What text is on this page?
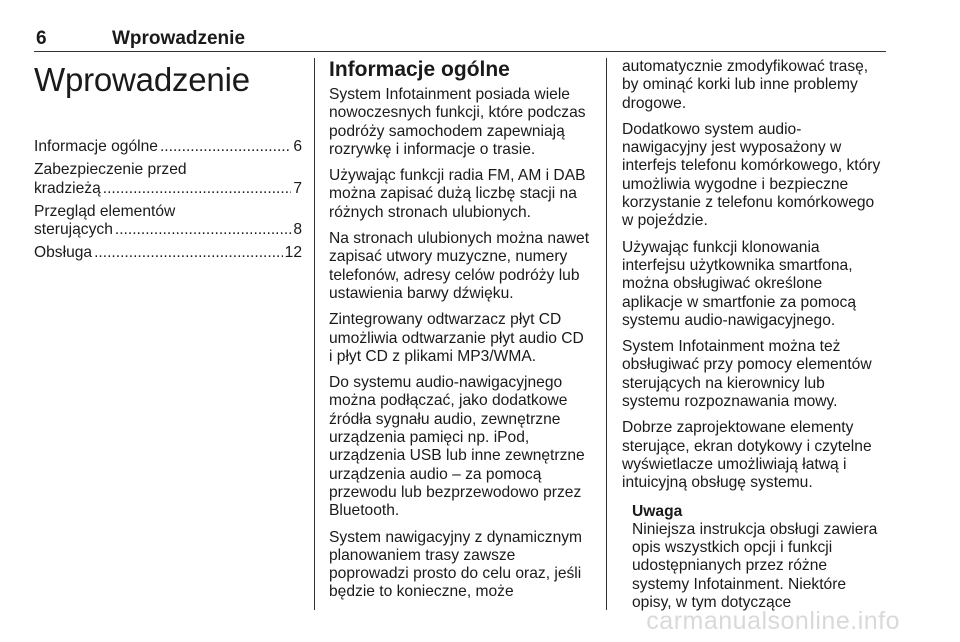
6	Wprowadzenie
Wprowadzenie
Informacje ogólne .....	6
Zabezpieczenie przed
kradzieżą .....	7
Przegląd elementów
sterujących .....	8
Obsługa .....	12
Informacje ogólne

System Infotainment posiada wiele nowoczesnych funkcji, które podczas podróży samochodem zapewniają rozrywkę i informacje o trasie.

Używając funkcji radia FM, AM i DAB można zapisać dużą liczbę stacji na różnych stronach ulubionych.

Na stronach ulubionych można nawet zapisać utwory muzyczne, numery telefonów, adresy celów podróży lub ustawienia barwy dźwięku.

Zintegrowany odtwarzacz płyt CD umożliwia odtwarzanie płyt audio CD i płyt CD z plikami MP3/WMA.

Do systemu audio-nawigacyjnego można podłączać, jako dodatkowe źródła sygnału audio, zewnętrzne urządzenia pamięci np. iPod, urządzenia USB lub inne zewnętrzne urządzenia audio – za pomocą przewodu lub bezprzewodowo przez Bluetooth.

System nawigacyjny z dynamicznym planowaniem trasy zawsze poprowadzi prosto do celu oraz, jeśli będzie to konieczne, może

automatycznie zmodyfikować trasę, by ominąć korki lub inne problemy drogowe.

Dodatkowo system audio-nawigacyjny jest wyposażony w interfejs telefonu komórkowego, który umożliwia wygodne i bezpieczne korzystanie z telefonu komórkowego w pojeździe.

Używając funkcji klonowania interfejsu użytkownika smartfona, można obsługiwać określone aplikacje w smartfonie za pomocą systemu audio-nawigacyjnego.

System Infotainment można też obsługiwać przy pomocy elementów sterujących na kierownicy lub systemu rozpoznawania mowy.

Dobrze zaprojektowane elementy sterujące, ekran dotykowy i czytelne wyświetlacze umożliwiają łatwą i intuicyjną obsługę systemu.

Uwaga
Niniejsza instrukcja obsługi zawiera opis wszystkich opcji i funkcji udostępnianych przez różne systemy Infotainment. Niektóre opisy, w tym dotyczące
carmanualsonline.info
